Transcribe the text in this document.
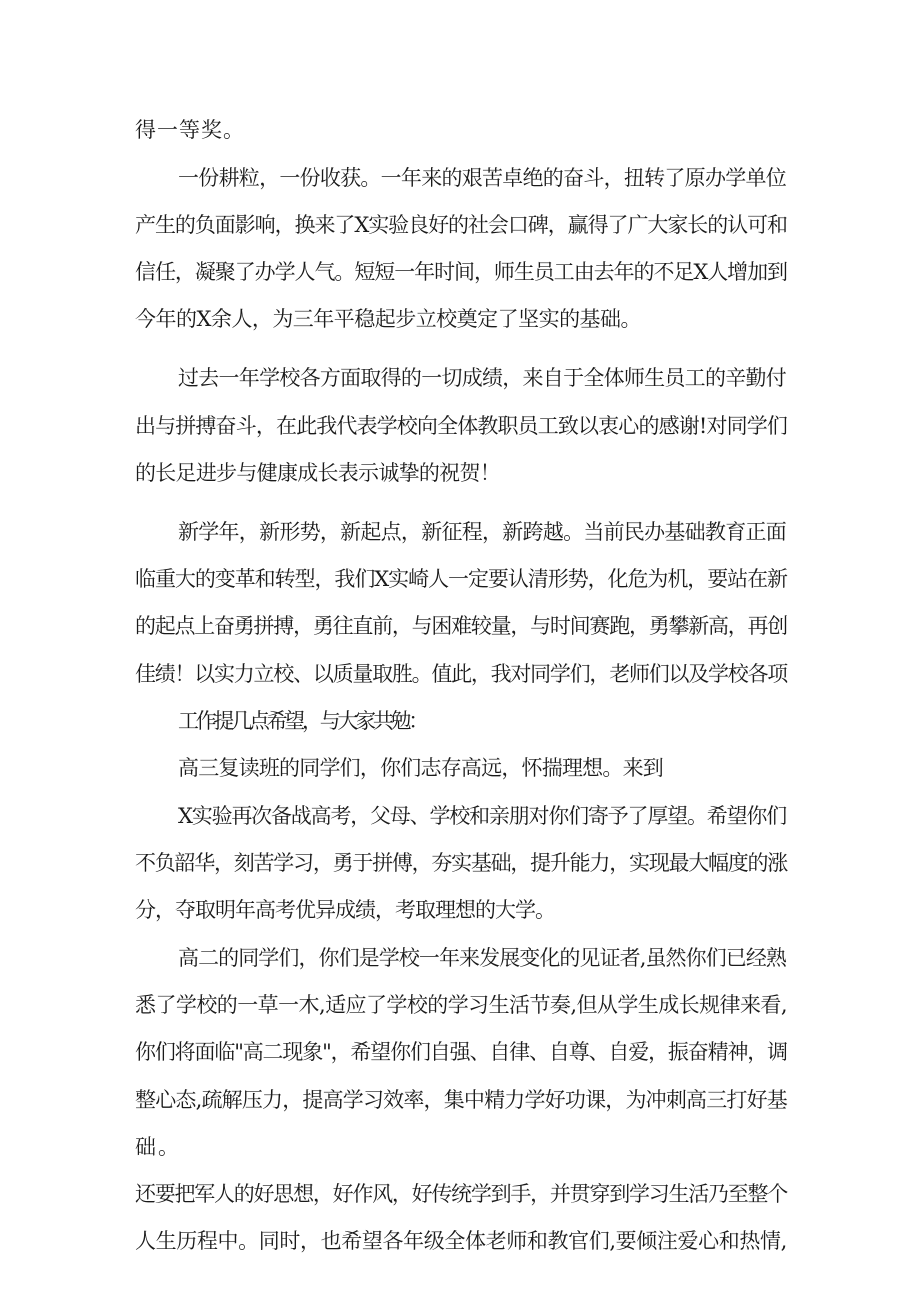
得一等奖。
一份耕粒，一份收获。一年来的艰苦卓绝的奋斗，扭转了原办学单位
产生的负面影响，换来了X实验良好的社会口碑，赢得了广大家长的认可和
信任，凝聚了办学人气。短短一年时间，师生员工由去年的不足X人增加到
今年的X余人，为三年平稳起步立校奠定了坚实的基础。
过去一年学校各方面取得的一切成绩，来自于全体师生员工的辛勤付
出与拼搏奋斗，在此我代表学校向全体教职员工致以衷心的感谢!对同学们
的长足进步与健康成长表示诚挚的祝贺！
新学年，新形势，新起点，新征程，新跨越。当前民办基础教育正面
临重大的变革和转型，我们X实崎人一定要认清形势，化危为机，要站在新
的起点上奋勇拼搏，勇往直前，与困难较量，与时间赛跑，勇攀新高，再创
佳绩！以实力立校、以质量取胜。值此，我对同学们，老师们以及学校各项
工作提几点希望，与大家共勉：
高三复读班的同学们，你们志存高远，怀揣理想。来到
X实验再次备战高考，父母、学校和亲朋对你们寄予了厚望。希望你们
不负韶华，刻苦学习，勇于拼傅，夯实基础，提升能力，实现最大幅度的涨
分，夺取明年高考优异成绩，考取理想的大学。
高二的同学们，你们是学校一年来发展变化的见证者,虽然你们已经熟
悉了学校的一草一木,适应了学校的学习生活节奏,但从学生成长规律来看,
你们将面临"高二现象"，希望你们自强、自律、自尊、自爱，振奋精神，调
整心态,疏解压力，提高学习效率，集中精力学好功课，为冲刺高三打好基
础。
还要把军人的好思想，好作风，好传统学到手，并贯穿到学习生活乃至整个
人生历程中。同时，也希望各年级全体老师和教官们,要倾注爱心和热情,
